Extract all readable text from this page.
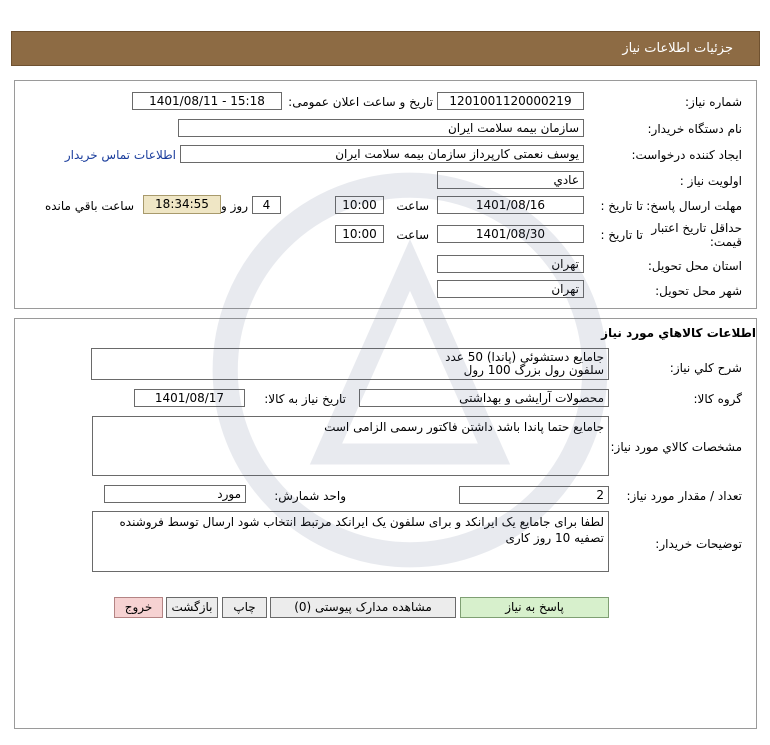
جزئیات اطلاعات نیاز
شماره نیاز:
1201001120000219
تاریخ و ساعت اعلان عمومی:
1401/08/11 - 15:18
نام دستگاه خریدار:
سازمان بیمه سلامت ایران
ایجاد کننده درخواست:
یوسف نعمتی کارپرداز سازمان بیمه سلامت ایران
اطلاعات تماس خریدار
اولویت نیاز :
عادي
مهلت ارسال پاسخ:
تا تاریخ :
1401/08/16
ساعت
10:00
4
روز و
18:34:55
ساعت باقي مانده
حداقل تاریخ اعتبار
قیمت:
تا تاریخ :
1401/08/30
ساعت
10:00
استان محل تحویل:
تهران
شهر محل تحویل:
تهران
اطلاعات كالاهاي مورد نياز
شرح كلي نياز:
جامایع دستشوئی (پاندا) 50 عدد
سلفون رول بزرگ 100 رول
گروه کالا:
محصولات آرایشی و بهداشتی
تاریخ نیاز به کالا:
1401/08/17
مشخصات كالاي مورد نياز:
جامایع حتما پاندا باشد داشتن فاکتور رسمی الزامی است
تعداد / مقدار مورد نیاز:
2
واحد شمارش:
مورد
توضیحات خریدار:
لطفا برای جامایع یک ایرانکد و برای سلفون یک ایرانکد مرتبط انتخاب شود ارسال توسط فروشنده تصفیه 10 روز کاری
پاسخ به نياز
مشاهده مدارک پیوستی (0)
چاپ
بازگشت
خروج
